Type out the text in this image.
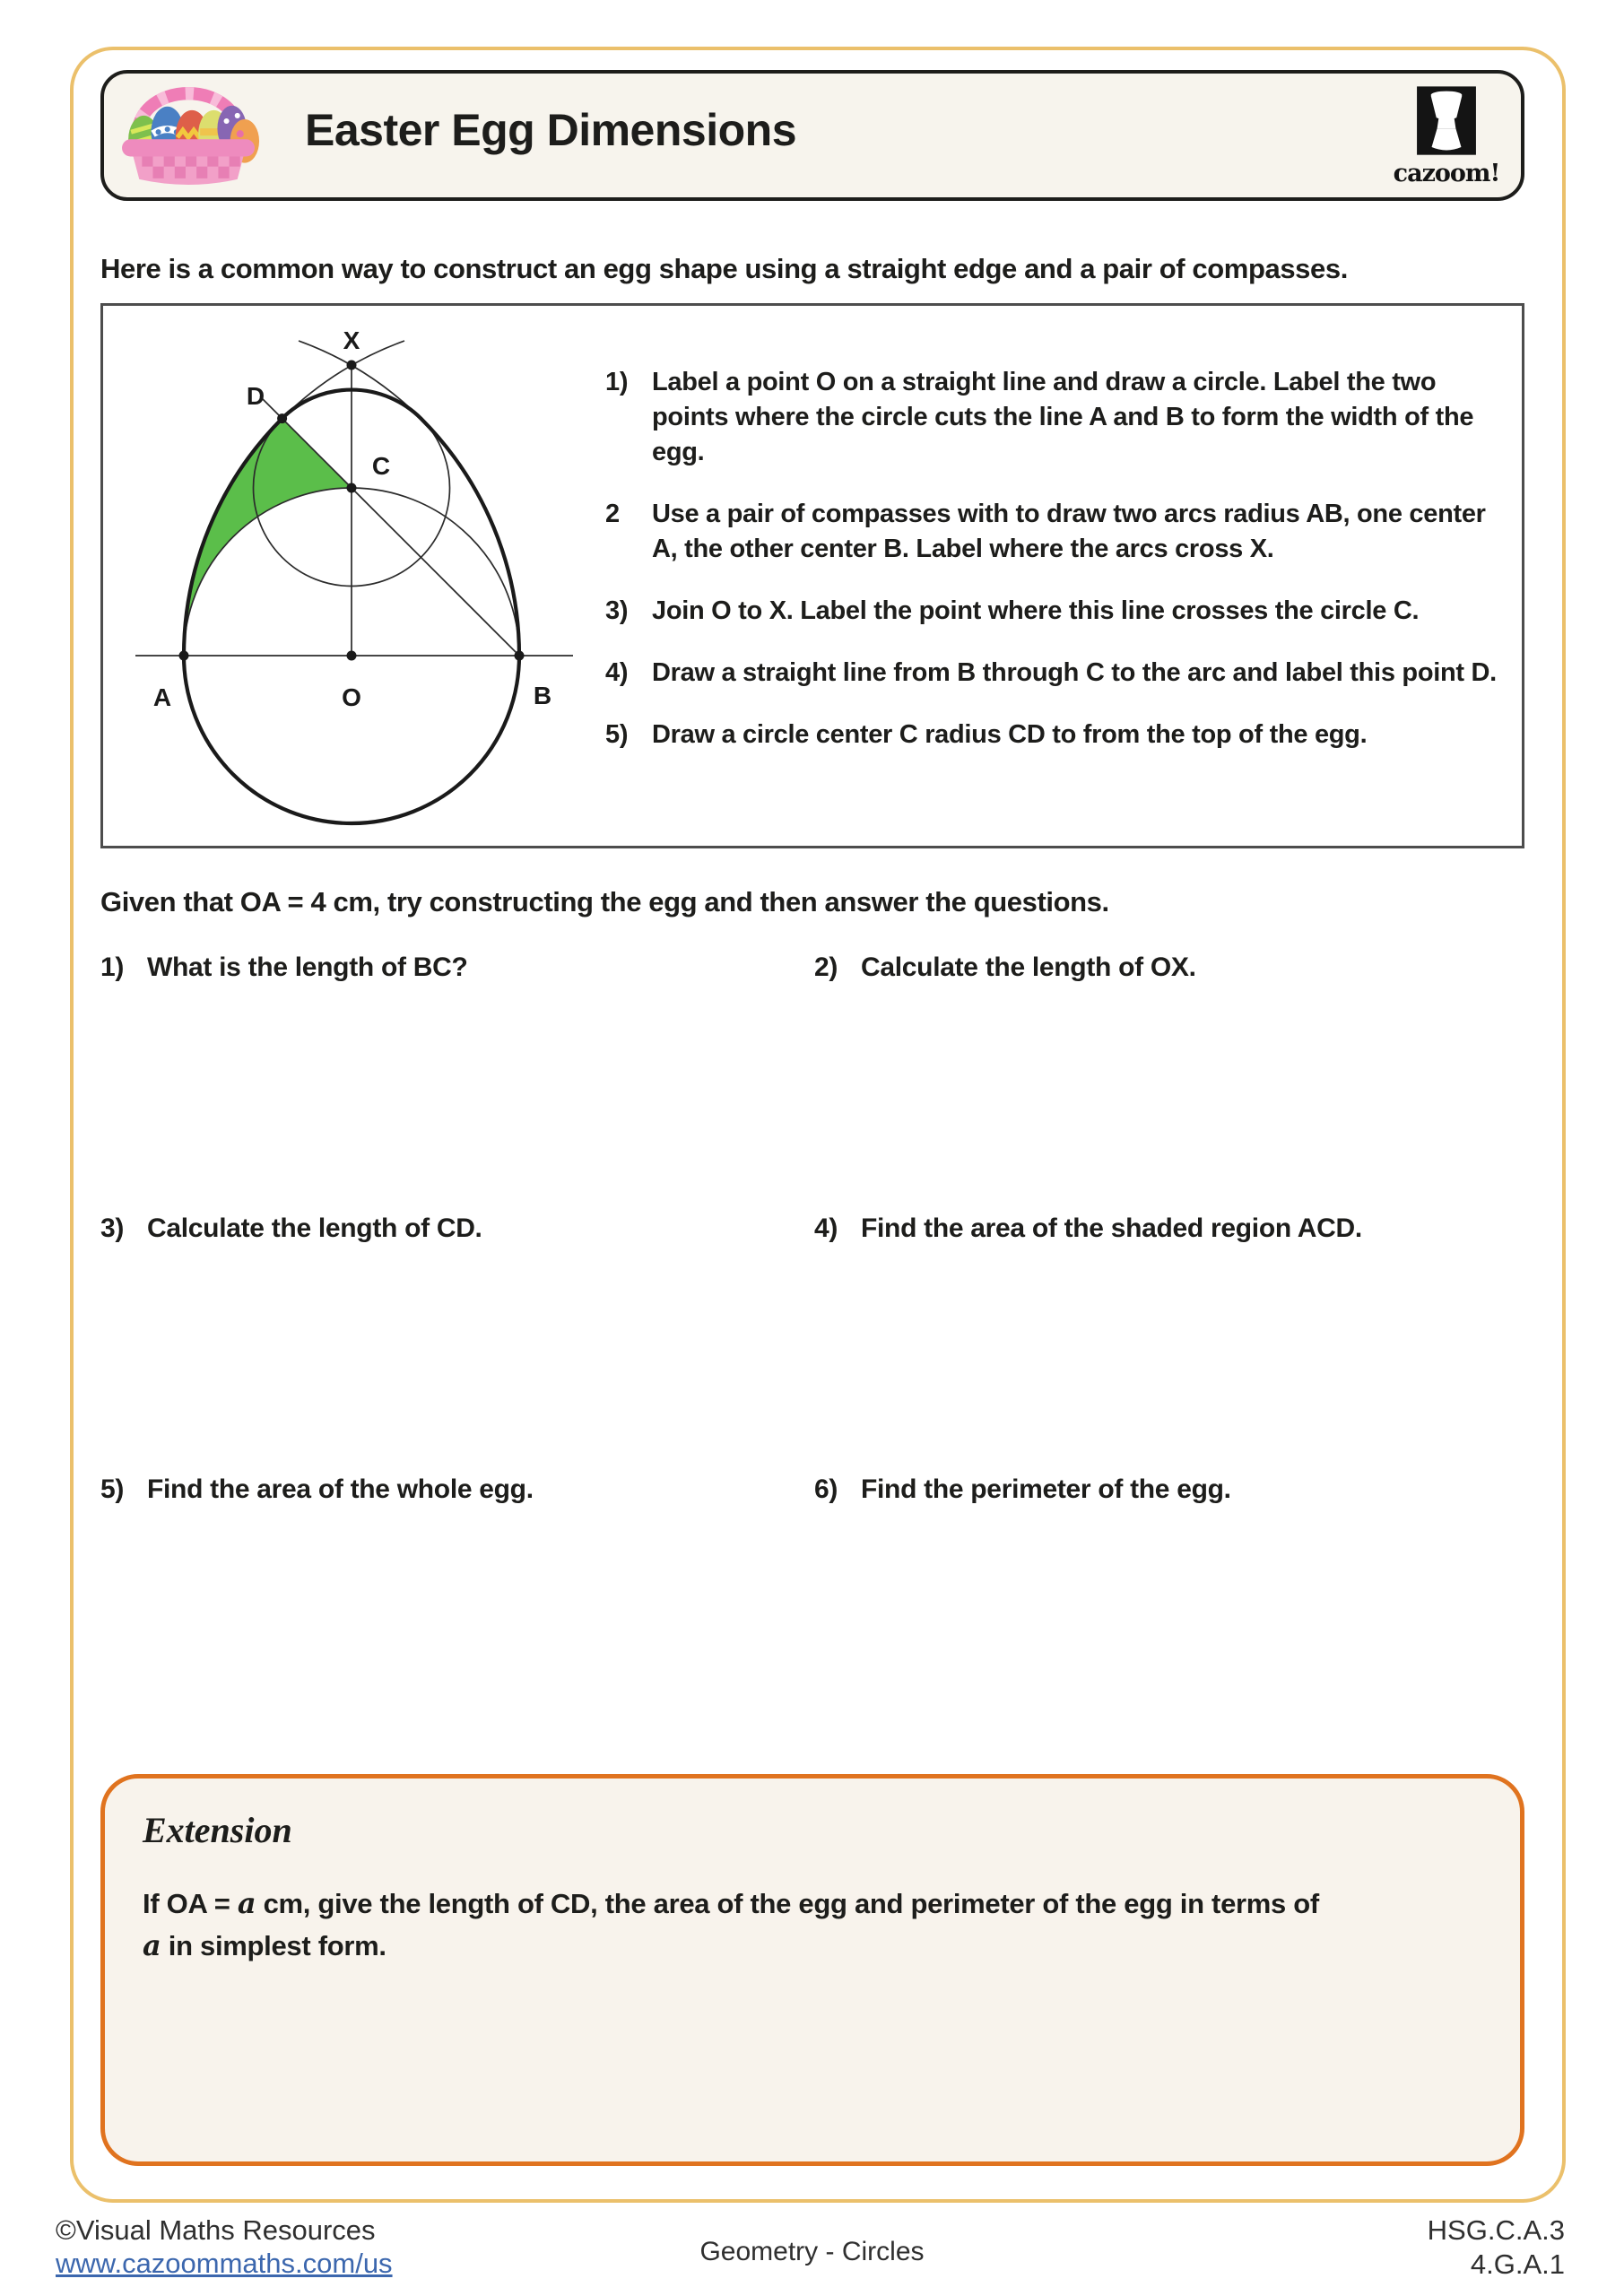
Easter Egg Dimensions
cazoom!
Here is a common way to construct an egg shape using a straight edge and a pair of compasses.
A	O	B
C
D
X
1) Label a point O on a straight line and draw a circle. Label the two points where the circle cuts the line A and B to form the width of the egg.
2	Use a pair of compasses with to draw two arcs radius AB, one center A, the other center B. Label where the arcs cross X.
3) Join O to X. Label the point where this line crosses the circle C.
4) Draw a straight line from B through C to the arc and label this point D.
5) Draw a circle center C radius CD to from the top of the egg.
Given that OA = 4 cm, try constructing the egg and then answer the questions.
1) What is the length of BC?	2) Calculate the length of OX.
3) Calculate the length of CD.	4) Find the area of the shaded region ACD.
5) Find the area of the whole egg.	6) Find the perimeter of the egg.
Extension
If OA = a cm, give the length of CD, the area of the egg and perimeter of the egg in terms of
a in simplest form.
©Visual Maths Resources
www.cazoommaths.com/us	Geometry - Circles
HSG.C.A.3
4.G.A.1
